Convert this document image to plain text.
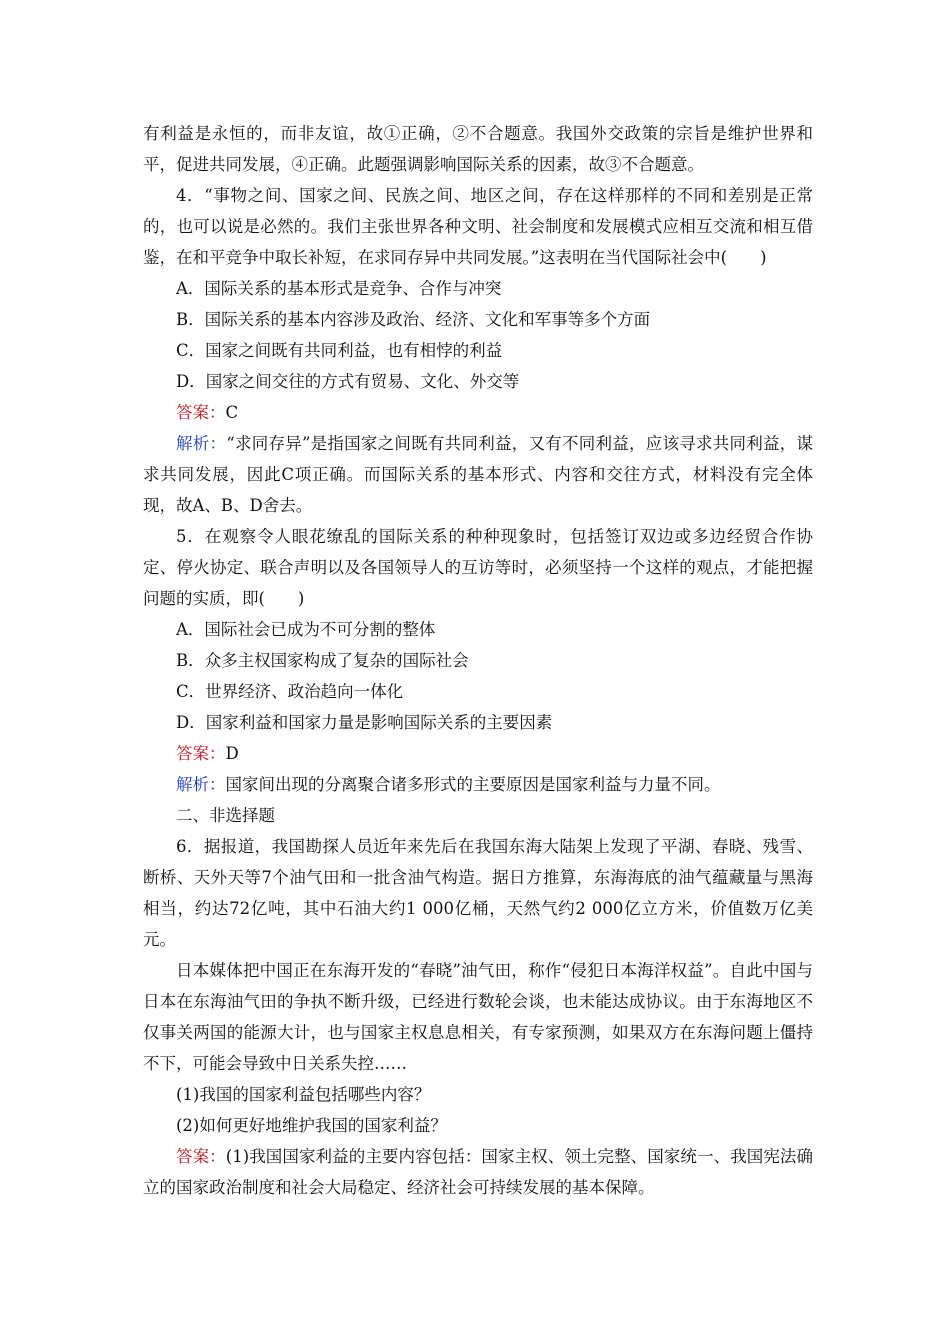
有利益是永恒的，而非友谊，故①正确，②不合题意。我国外交政策的宗旨是维护世界和平，促进共同发展，④正确。此题强调影响国际关系的因素，故③不合题意。

4．“事物之间、国家之间、民族之间、地区之间，存在这样那样的不同和差别是正常的，也可以说是必然的。我们主张世界各种文明、社会制度和发展模式应相互交流和相互借鉴，在和平竞争中取长补短，在求同存异中共同发展。”这表明在当代国际社会中(　　)

A．国际关系的基本形式是竞争、合作与冲突

B．国际关系的基本内容涉及政治、经济、文化和军事等多个方面

C．国家之间既有共同利益，也有相悖的利益

D．国家之间交往的方式有贸易、文化、外交等

答案：C

解析：“求同存异”是指国家之间既有共同利益，又有不同利益，应该寻求共同利益，谋求共同发展，因此C项正确。而国际关系的基本形式、内容和交往方式，材料没有完全体现，故A、B、D舍去。

5．在观察令人眼花缭乱的国际关系的种种现象时，包括签订双边或多边经贸合作协定、停火协定、联合声明以及各国领导人的互访等时，必须坚持一个这样的观点，才能把握问题的实质，即(　　)

A．国际社会已成为不可分割的整体

B．众多主权国家构成了复杂的国际社会

C．世界经济、政治趋向一体化

D．国家利益和国家力量是影响国际关系的主要因素

答案：D

解析：国家间出现的分离聚合诸多形式的主要原因是国家利益与力量不同。

二、非选择题

6．据报道，我国勘探人员近年来先后在我国东海大陆架上发现了平湖、春晓、残雪、断桥、天外天等7个油气田和一批含油气构造。据日方推算，东海海底的油气蕴藏量与黑海相当，约达72亿吨，其中石油大约1 000亿桶，天然气约2 000亿立方米，价值数万亿美元。

日本媒体把中国正在东海开发的“春晓”油气田，称作“侵犯日本海洋权益”。自此中国与日本在东海油气田的争执不断升级，已经进行数轮会谈，也未能达成协议。由于东海地区不仅事关两国的能源大计，也与国家主权息息相关，有专家预测，如果双方在东海问题上僵持不下，可能会导致中日关系失控……

(1)我国的国家利益包括哪些内容？

(2)如何更好地维护我国的国家利益？

答案：(1)我国国家利益的主要内容包括：国家主权、领土完整、国家统一、我国宪法确立的国家政治制度和社会大局稳定、经济社会可持续发展的基本保障。
